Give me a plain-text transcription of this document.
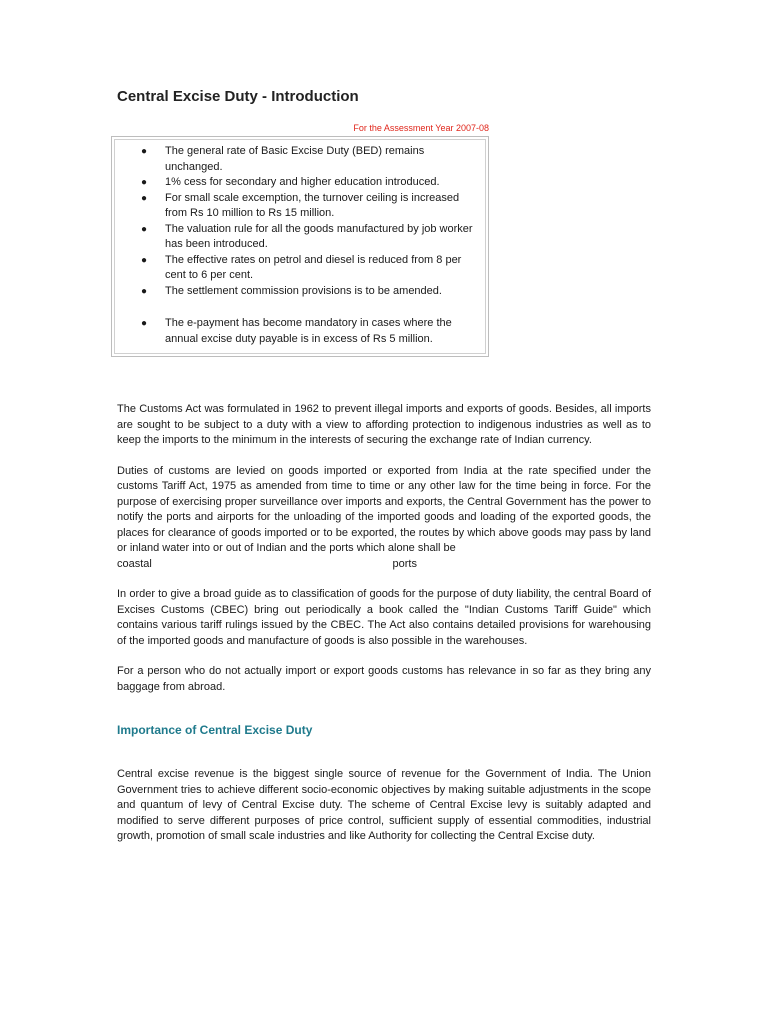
Central Excise Duty - Introduction
For the Assessment Year 2007-08
● The general rate of Basic Excise Duty (BED) remains unchanged.
● 1% cess for secondary and higher education introduced.
● For small scale excemption, the turnover ceiling is increased from Rs 10 million to Rs 15 million.
● The valuation rule for all the goods manufactured by job worker has been introduced.
● The effective rates on petrol and diesel is reduced from 8 per cent to 6 per cent.
● The settlement commission provisions is to be amended.
● The e-payment has become mandatory in cases where the annual excise duty payable is in excess of Rs 5 million.

The Customs Act was formulated in 1962 to prevent illegal imports and exports of goods. Besides, all imports are sought to be subject to a duty with a view to affording protection to indigenous industries as well as to keep the imports to the minimum in the interests of securing the exchange rate of Indian currency.

Duties of customs are levied on goods imported or exported from India at the rate specified under the customs Tariff Act, 1975 as amended from time to time or any other law for the time being in force. For the purpose of exercising proper surveillance over imports and exports, the Central Government has the power to notify the ports and airports for the unloading of the imported goods and loading of the exported goods, the places for clearance of goods imported or to be exported, the routes by which above goods may pass by land or inland water into or out of Indian and the ports which alone shall be
coastal	ports

In order to give a broad guide as to classification of goods for the purpose of duty liability, the central Board of Excises Customs (CBEC) bring out periodically a book called the "Indian Customs Tariff Guide" which contains various tariff rulings issued by the CBEC. The Act also contains detailed provisions for warehousing of the imported goods and manufacture of goods is also possible in the warehouses.

For a person who do not actually import or export goods customs has relevance in so far as they bring any baggage from abroad.

Importance of Central Excise Duty

Central excise revenue is the biggest single source of revenue for the Government of India. The Union Government tries to achieve different socio-economic objectives by making suitable adjustments in the scope and quantum of levy of Central Excise duty. The scheme of Central Excise levy is suitably adapted and modified to serve different purposes of price control, sufficient supply of essential commodities, industrial growth, promotion of small scale industries and like Authority for collecting the Central Excise duty.
